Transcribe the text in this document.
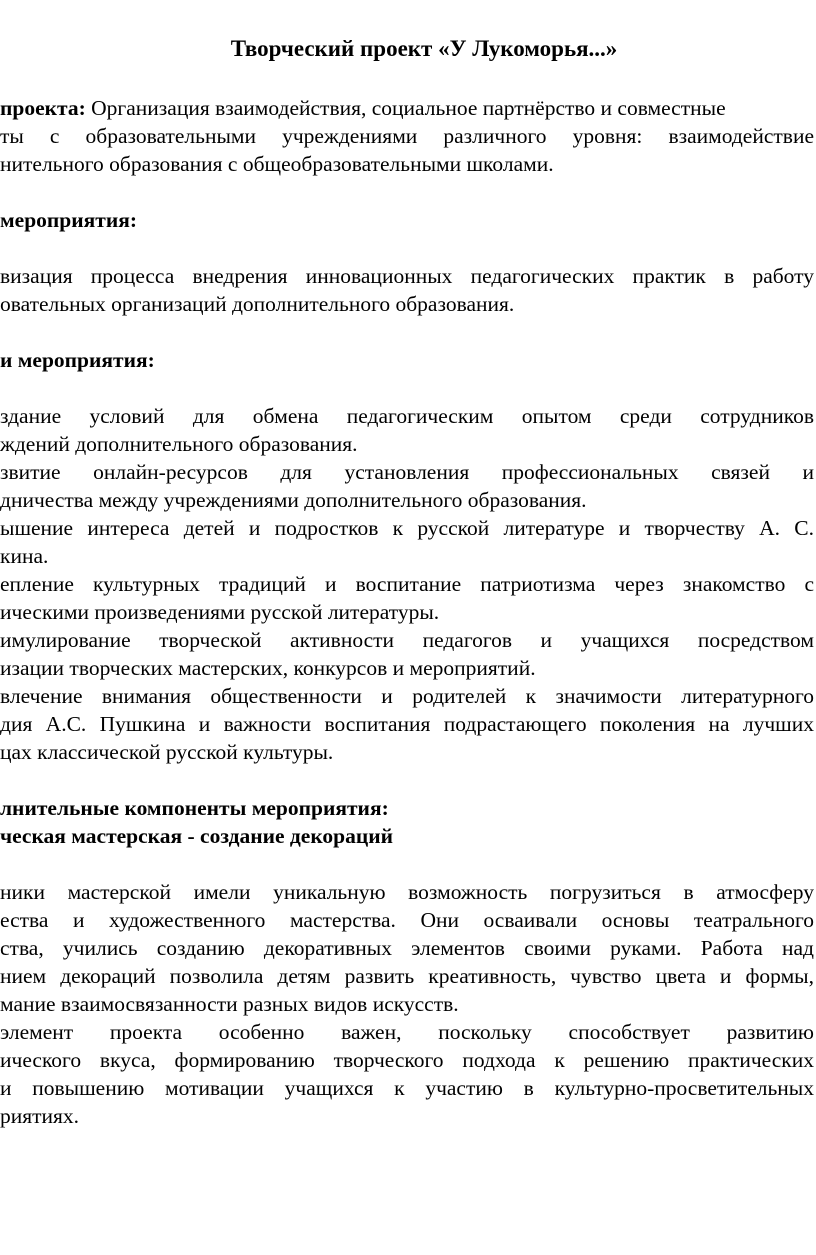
Творческий проект «У Лукоморья...»

проекта: Организация взаимодействия, социальное партнёрство и совместные

ты с образовательными учреждениями различного уровня: взаимодействие

нительного образования с общеобразовательными школами.

мероприятия:

визация процесса внедрения инновационных педагогических практик в работу

овательных организаций дополнительного образования.

и мероприятия:

здание условий для обмена педагогическим опытом среди сотрудников

ждений дополнительного образования.

звитие онлайн-ресурсов для установления профессиональных связей и

дничества между учреждениями дополнительного образования.

ышение интереса детей и подростков к русской литературе и творчеству А. С.

кина.

епление культурных традиций и воспитание патриотизма через знакомство с

ическими произведениями русской литературы.

имулирование творческой активности педагогов и учащихся посредством

изации творческих мастерских, конкурсов и мероприятий.

влечение внимания общественности и родителей к значимости литературного

дия А.С. Пушкина и важности воспитания подрастающего поколения на лучших

цах классической русской культуры.

лнительные компоненты мероприятия:

ческая мастерская - создание декораций

ники мастерской имели уникальную возможность погрузиться в атмосферу

ества и художественного мастерства. Они осваивали основы театрального

ства, учились созданию декоративных элементов своими руками. Работа над

нием декораций позволила детям развить креативность, чувство цвета и формы,

мание взаимосвязанности разных видов искусств.

элемент проекта особенно важен, поскольку способствует развитию

ического вкуса, формированию творческого подхода к решению практических

и повышению мотивации учащихся к участию в культурно-просветительных

риятиях.
